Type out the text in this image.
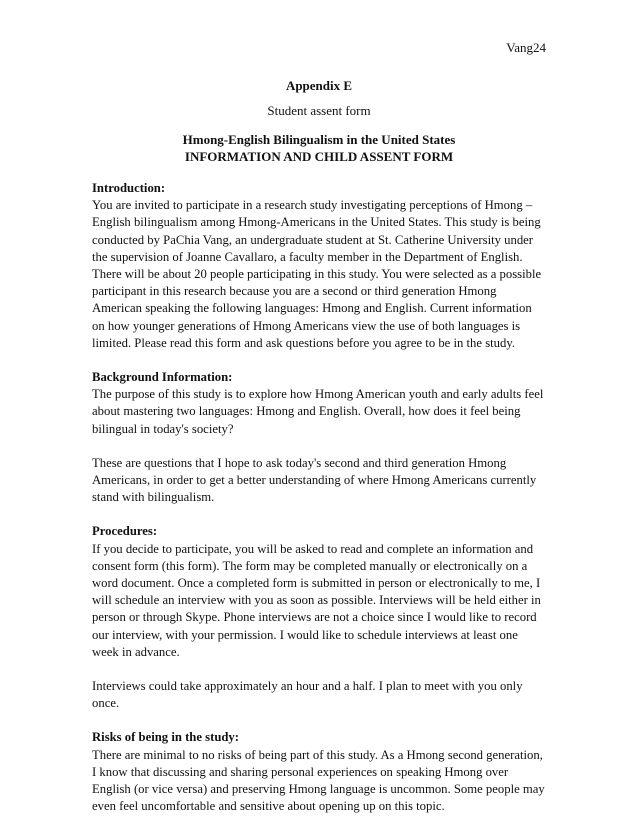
Vang24
Appendix E
Student assent form
Hmong-English Bilingualism in the United States
INFORMATION AND CHILD ASSENT FORM
Introduction:

You are invited to participate in a research study investigating perceptions of Hmong – English bilingualism among Hmong-Americans in the United States. This study is being conducted by PaChia Vang, an undergraduate student at St. Catherine University under the supervision of Joanne Cavallaro, a faculty member in the Department of English. There will be about 20 people participating in this study. You were selected as a possible participant in this research because you are a second or third generation Hmong American speaking the following languages: Hmong and English. Current information on how younger generations of Hmong Americans view the use of both languages is limited. Please read this form and ask questions before you agree to be in the study.

Background Information:

The purpose of this study is to explore how Hmong American youth and early adults feel about mastering two languages: Hmong and English. Overall, how does it feel being bilingual in today's society?

These are questions that I hope to ask today's second and third generation Hmong Americans, in order to get a better understanding of where Hmong Americans currently stand with bilingualism.

Procedures:

If you decide to participate, you will be asked to read and complete an information and consent form (this form). The form may be completed manually or electronically on a word document. Once a completed form is submitted in person or electronically to me, I will schedule an interview with you as soon as possible. Interviews will be held either in person or through Skype. Phone interviews are not a choice since I would like to record our interview, with your permission. I would like to schedule interviews at least one week in advance.

Interviews could take approximately an hour and a half. I plan to meet with you only once.

Risks of being in the study:

There are minimal to no risks of being part of this study. As a Hmong second generation, I know that discussing and sharing personal experiences on speaking Hmong over English (or vice versa) and preserving Hmong language is uncommon. Some people may even feel uncomfortable and sensitive about opening up on this topic.
